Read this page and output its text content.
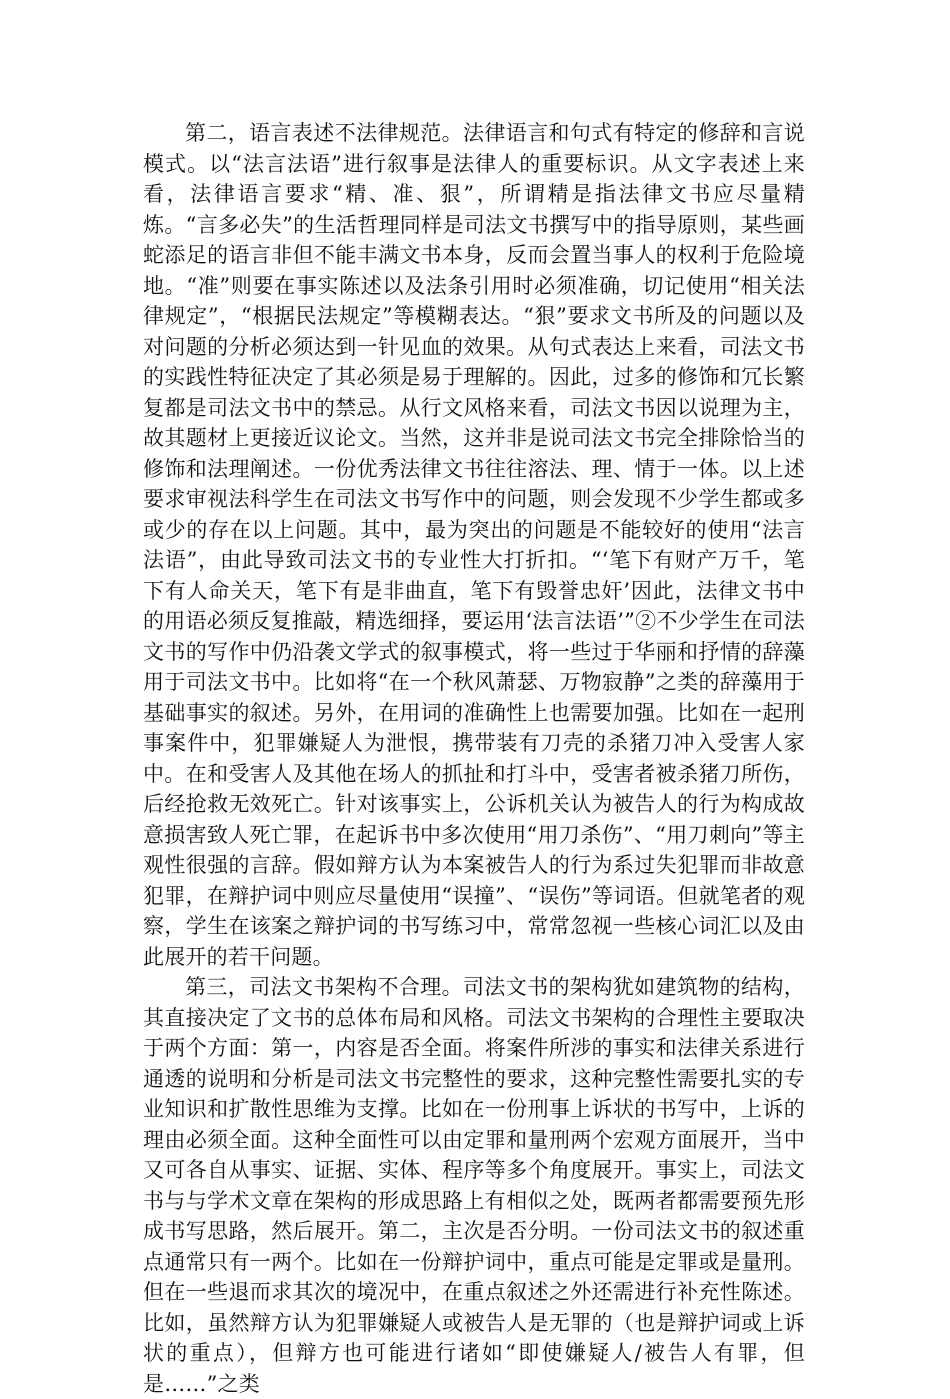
第二，语言表述不法律规范。法律语言和句式有特定的修辞和言说模式。以“法言法语”进行叙事是法律人的重要标识。从文字表述上来看，法律语言要求“精、准、狠”，所谓精是指法律文书应尽量精炼。“言多必失”的生活哲理同样是司法文书撰写中的指导原则，某些画蛇添足的语言非但不能丰满文书本身，反而会置当事人的权利于危险境地。“准”则要在事实陈述以及法条引用时必须准确，切记使用“相关法律规定”，“根据民法规定”等模糊表达。“狠”要求文书所及的问题以及对问题的分析必须达到一针见血的效果。从句式表达上来看，司法文书的实践性特征决定了其必须是易于理解的。因此，过多的修饰和冗长繁复都是司法文书中的禁忌。从行文风格来看，司法文书因以说理为主，故其题材上更接近议论文。当然，这并非是说司法文书完全排除恰当的修饰和法理阐述。一份优秀法律文书往往溶法、理、情于一体。以上述要求审视法科学生在司法文书写作中的问题，则会发现不少学生都或多或少的存在以上问题。其中，最为突出的问题是不能较好的使用“法言法语”，由此导致司法文书的专业性大打折扣。“‘笔下有财产万千，笔下有人命关天，笔下有是非曲直，笔下有毁誉忠奸’因此，法律文书中的用语必须反复推敲，精选细择，要运用‘法言法语’”②不少学生在司法文书的写作中仍沿袭文学式的叙事模式，将一些过于华丽和抒情的辞藻用于司法文书中。比如将“在一个秋风萧瑟、万物寂静”之类的辞藻用于基础事实的叙述。另外，在用词的准确性上也需要加强。比如在一起刑事案件中，犯罪嫌疑人为泄恨，携带装有刀壳的杀猪刀冲入受害人家中。在和受害人及其他在场人的抓扯和打斗中，受害者被杀猪刀所伤，后经抢救无效死亡。针对该事实上，公诉机关认为被告人的行为构成故意损害致人死亡罪，在起诉书中多次使用“用刀杀伤”、“用刀刺向”等主观性很强的言辞。假如辩方认为本案被告人的行为系过失犯罪而非故意犯罪，在辩护词中则应尽量使用“误撞”、“误伤”等词语。但就笔者的观察，学生在该案之辩护词的书写练习中，常常忽视一些核心词汇以及由此展开的若干问题。

第三，司法文书架构不合理。司法文书的架构犹如建筑物的结构，其直接决定了文书的总体布局和风格。司法文书架构的合理性主要取决于两个方面：第一，内容是否全面。将案件所涉的事实和法律关系进行通透的说明和分析是司法文书完整性的要求，这种完整性需要扎实的专业知识和扩散性思维为支撑。比如在一份刑事上诉状的书写中，上诉的理由必须全面。这种全面性可以由定罪和量刑两个宏观方面展开，当中又可各自从事实、证据、实体、程序等多个角度展开。事实上，司法文书与与学术文章在架构的形成思路上有相似之处，既两者都需要预先形成书写思路，然后展开。第二，主次是否分明。一份司法文书的叙述重点通常只有一两个。比如在一份辩护词中，重点可能是定罪或是量刑。但在一些退而求其次的境况中，在重点叙述之外还需进行补充性陈述。比如，虽然辩方认为犯罪嫌疑人或被告人是无罪的（也是辩护词或上诉状的重点），但辩方也可能进行诸如“即使嫌疑人/被告人有罪，但是……”之类
